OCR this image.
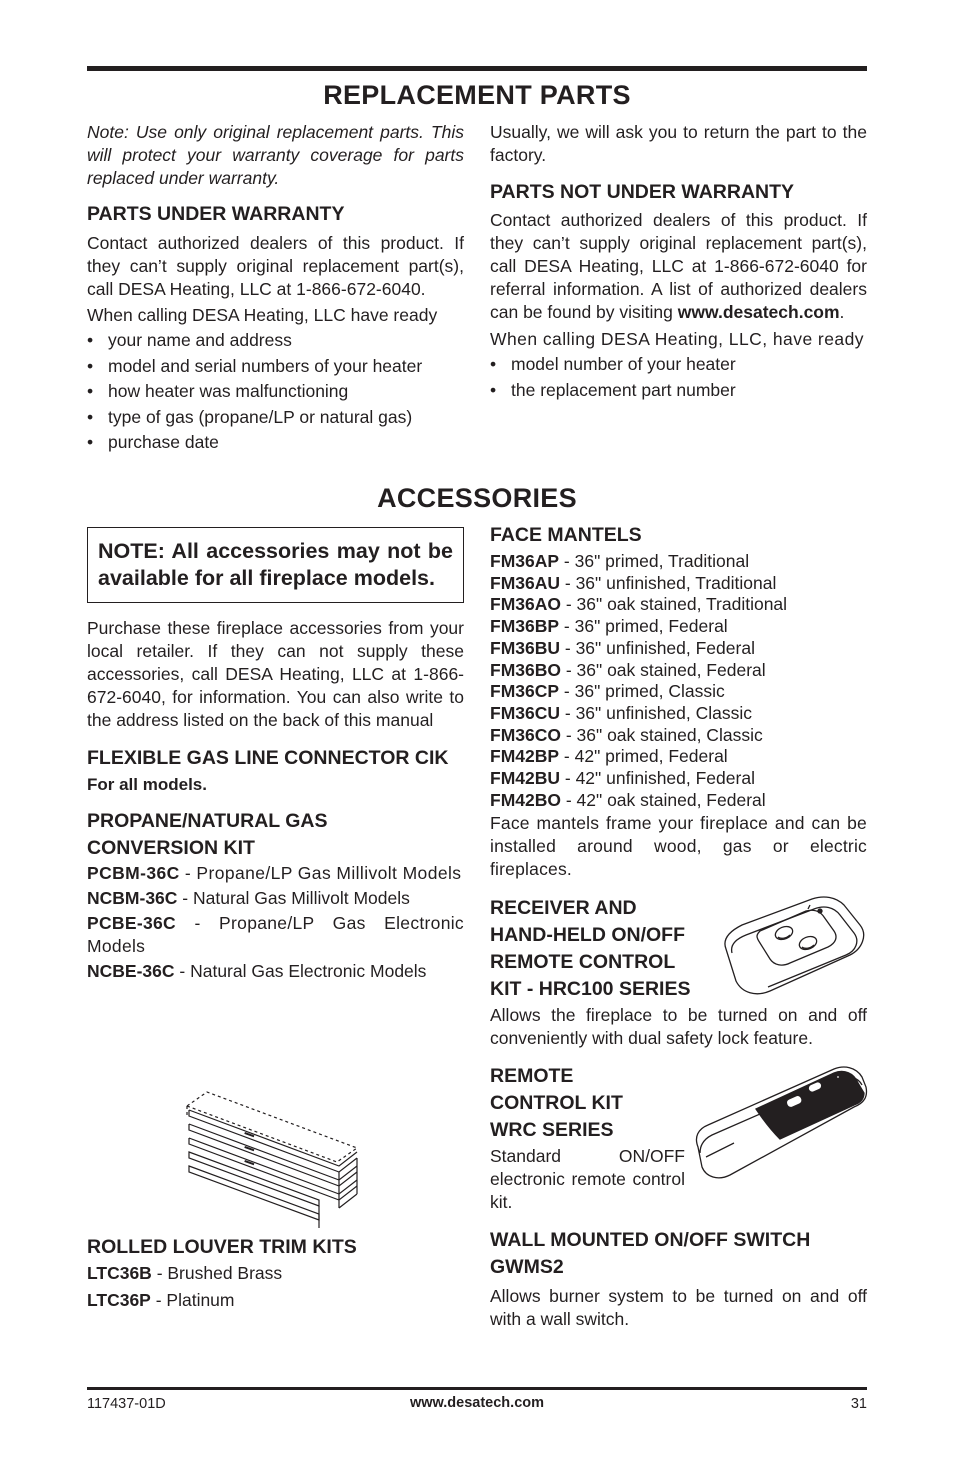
REPLACEMENT PARTS

Note: Use only original replacement parts. This will protect your warranty coverage for parts replaced under warranty.

PARTS UNDER WARRANTY

Contact authorized dealers of this product. If they can’t supply original replacement part(s), call DESA Heating, LLC at 1-866-672-6040.

When calling DESA Heating, LLC have ready

• your name and address
• model and serial numbers of your heater
• how heater was malfunctioning
• type of gas (propane/LP or natural gas)
• purchase date

Usually, we will ask you to return the part to the factory.

PARTS NOT UNDER WARRANTY

Contact authorized dealers of this product. If they can’t supply original replacement part(s), call DESA Heating, LLC at 1-866-672-6040 for referral information. A list of authorized dealers can be found by visiting www.desatech.com.

When calling DESA Heating, LLC, have ready

• model number of your heater
• the replacement part number
ACCESSORIES

NOTE: All accessories may not be available for all fireplace models.

Purchase these fireplace accessories from your local retailer. If they can not supply these accessories, call DESA Heating, LLC at 1-866-672-6040, for information. You can also write to the address listed on the back of this manual

FLEXIBLE GAS LINE CONNECTOR CIK
For all models.
PROPANE/NATURAL GAS CONVERSION KIT

PCBM-36C - Propane/LP Gas Millivolt Models

NCBM-36C - Natural Gas Millivolt Models

PCBE-36C - Propane/LP Gas Electronic Models

NCBE-36C - Natural Gas Electronic Models

ROLLED LOUVER TRIM KITS

LTC36B - Brushed Brass

LTC36P - Platinum

FACE MANTELS
FM36AP - 36" primed, Traditional
FM36AU - 36" unfinished, Traditional
FM36AO - 36" oak stained, Traditional
FM36BP - 36" primed, Federal
FM36BU - 36" unfinished, Federal
FM36BO - 36" oak stained, Federal
FM36CP - 36" primed, Classic
FM36CU - 36" unfinished, Classic
FM36CO - 36" oak stained, Classic
FM42BP - 42" primed, Federal
FM42BU - 42" unfinished, Federal
FM42BO - 42" oak stained, Federal

Face mantels frame your fireplace and can be installed around wood, gas or electric fireplaces.

RECEIVER AND
HAND-HELD ON/OFF
REMOTE CONTROL
KIT - HRC100 SERIES

Allows the fireplace to be turned on and off conveniently with dual safety lock feature.

REMOTE
CONTROL KIT
WRC SERIES

Standard ON/OFF electronic remote control kit.

WALL MOUNTED ON/OFF SWITCH GWMS2

Allows burner system to be turned on and off with a wall switch.

117437-01D	www.desatech.com	31
